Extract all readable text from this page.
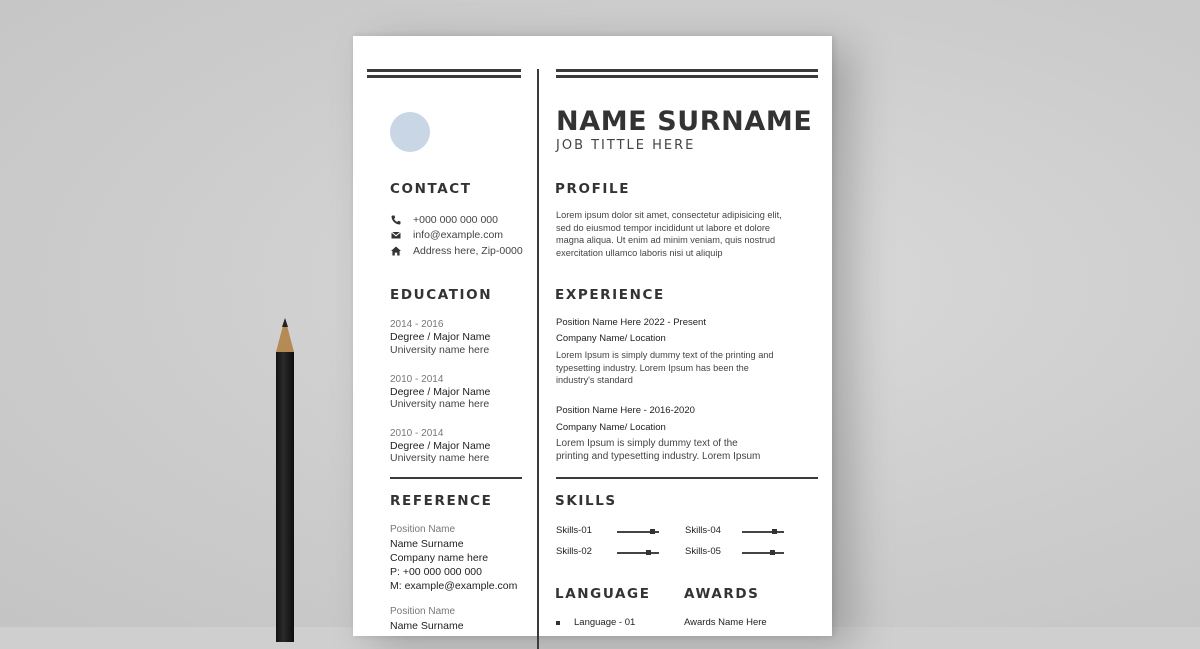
NAME SURNAME
JOB TITTLE HERE
CONTACT
+000 000 000 000
info@example.com
Address here, Zip-0000
EDUCATION
2014 - 2016
Degree / Major Name
University name here
2010 - 2014
Degree / Major Name
University name here
2010 - 2014
Degree / Major Name
University name here
REFERENCE
Position Name
Name Surname
Company name here
P: +00 000 000 000
M: example@example.com
Position Name
Name Surname
PROFILE
Lorem ipsum dolor sit amet, consectetur adipisicing elit,
sed do eiusmod tempor incididunt ut labore et dolore
magna aliqua. Ut enim ad minim veniam, quis nostrud
exercitation ullamco laboris nisi ut aliquip
EXPERIENCE
Position Name Here 2022 - Present
Company Name/ Location
Lorem Ipsum is simply dummy text of the printing and
typesetting industry. Lorem Ipsum has been the
industry's standard
Position Name Here - 2016-2020
Company Name/ Location
Lorem Ipsum is simply dummy text of the
printing and typesetting industry. Lorem Ipsum
SKILLS
Skills-01
Skills-02
Skills-04
Skills-05
LANGUAGE
Language - 01
AWARDS
Awards Name Here
